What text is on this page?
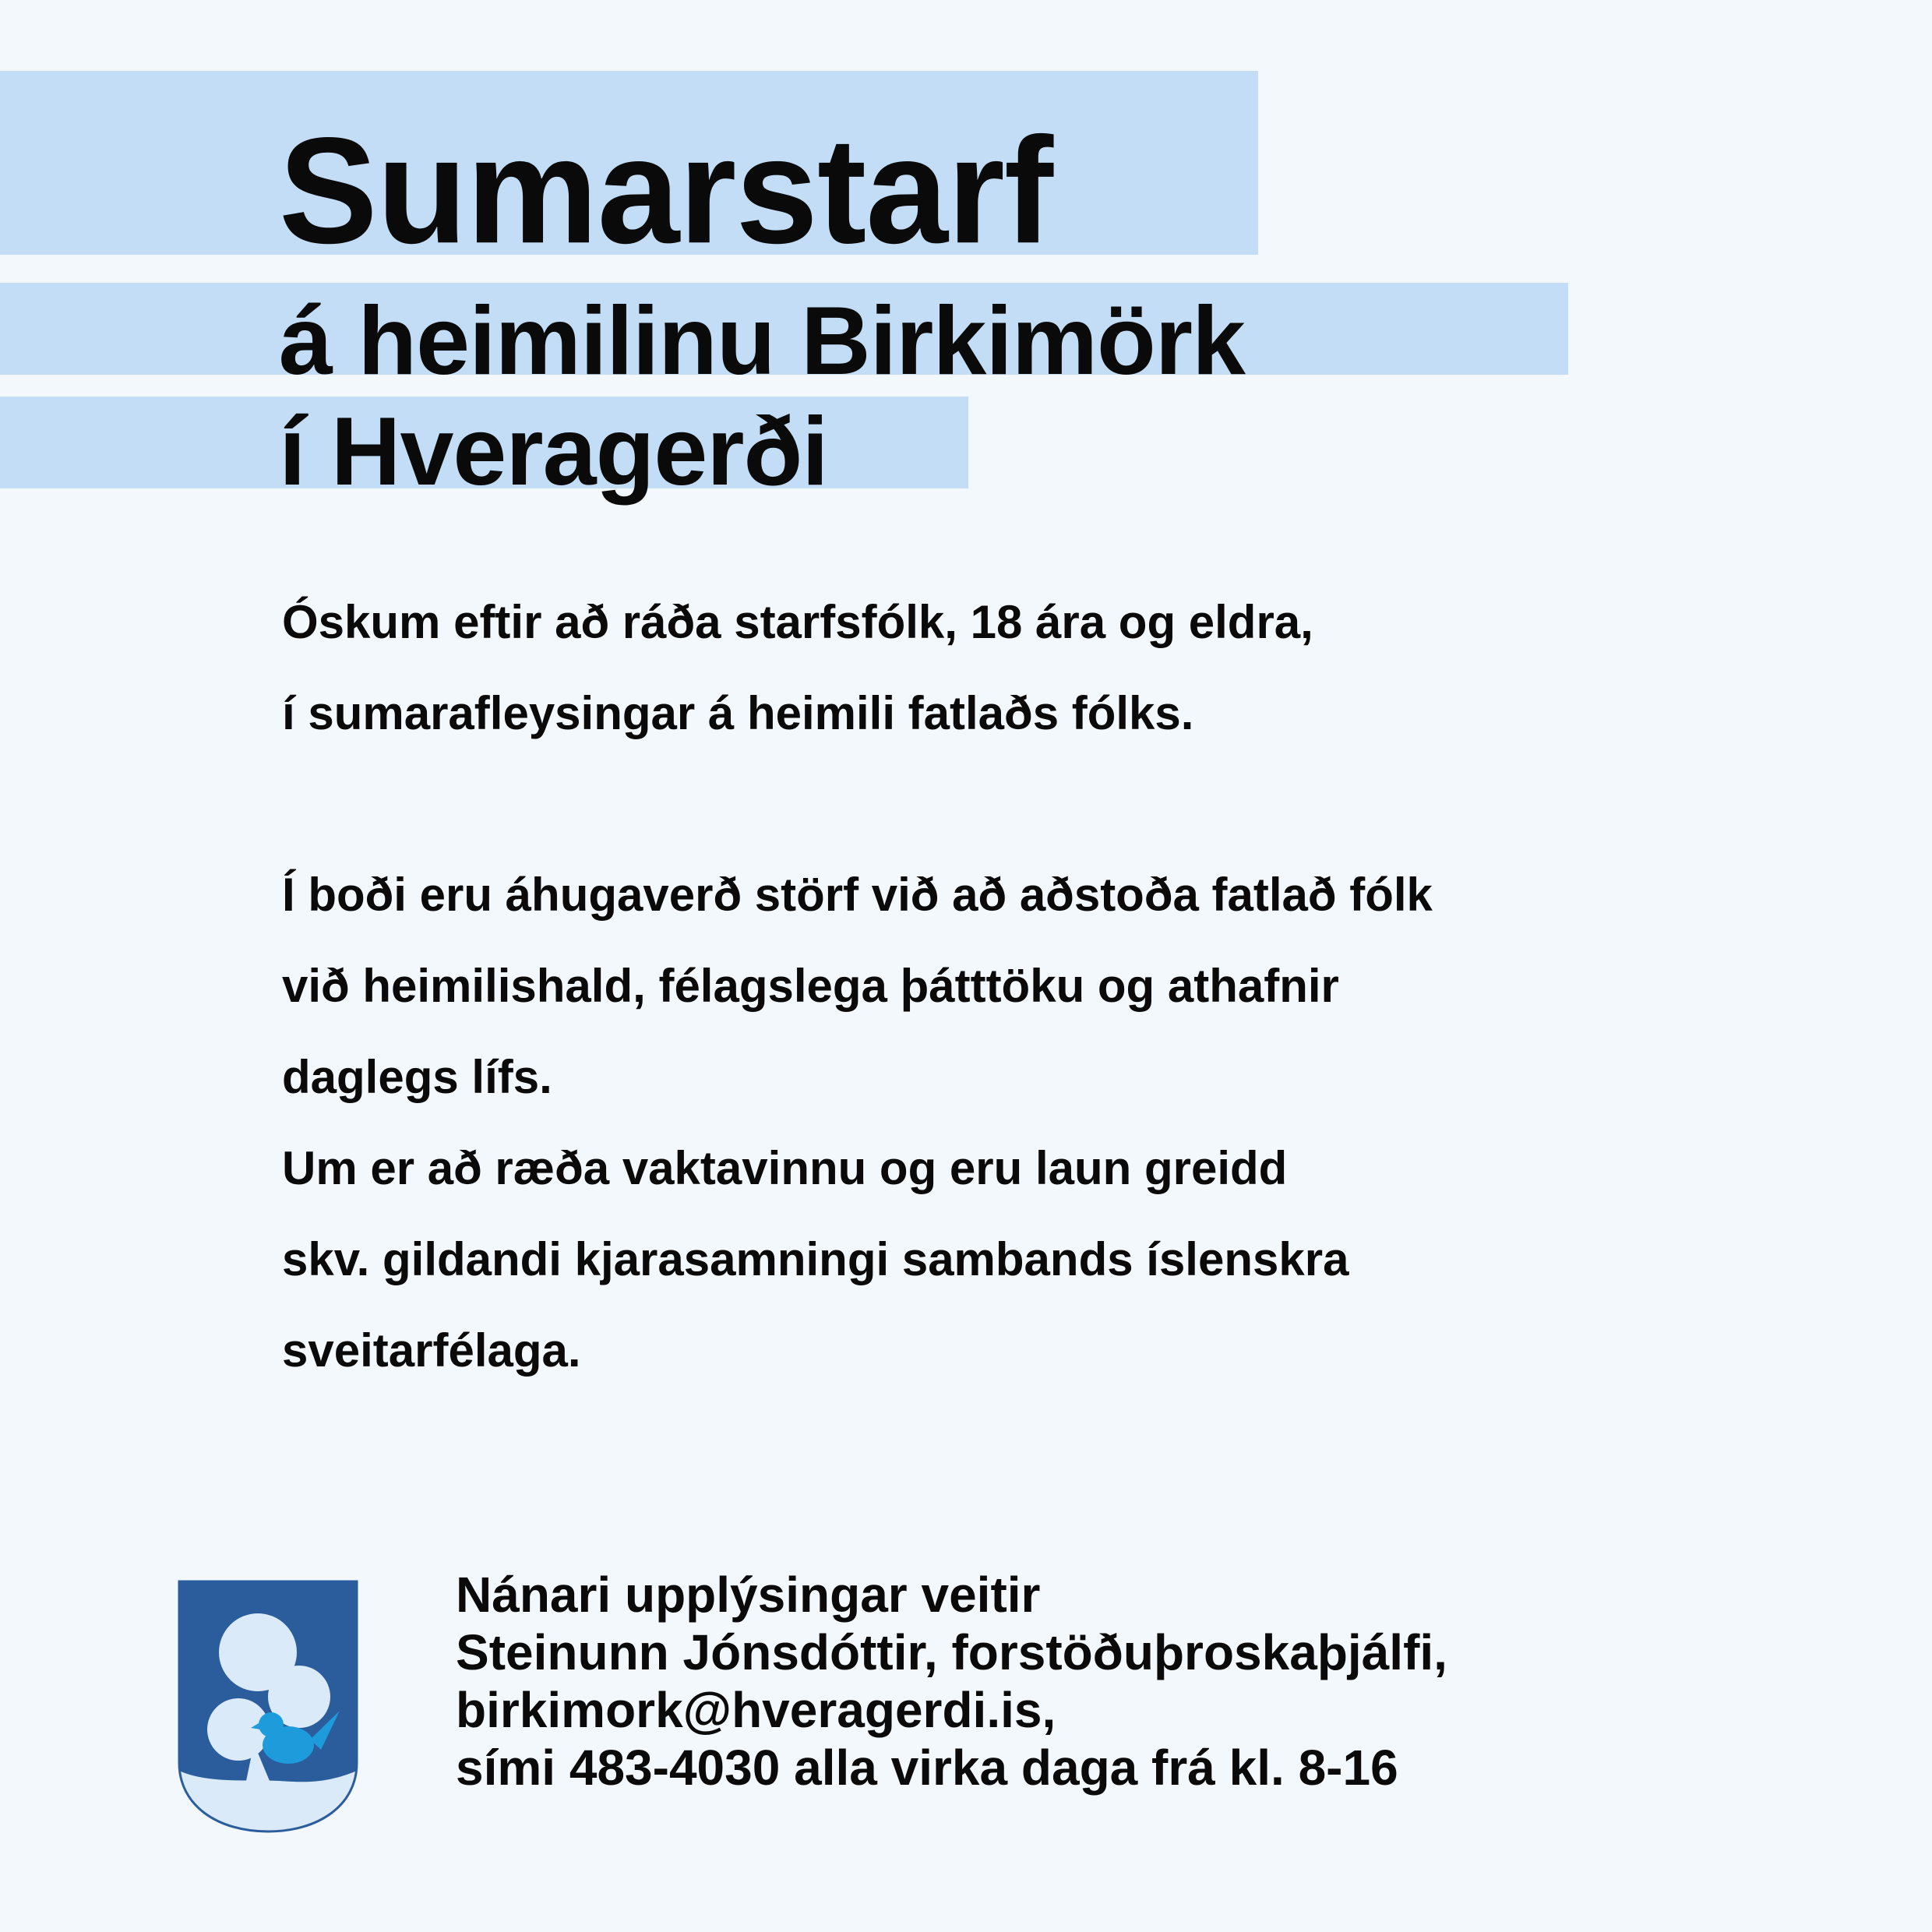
Sumarstarf
á heimilinu Birkimörk
í Hveragerði

Óskum eftir að ráða starfsfólk, 18 ára og eldra,
í sumarafleysingar á heimili fatlaðs fólks.

Í boði eru áhugaverð störf við að aðstoða fatlað fólk
við heimilishald, félagslega þátttöku og athafnir
daglegs lífs.
Um er að ræða vaktavinnu og eru laun greidd
skv. gildandi kjarasamningi sambands íslenskra
sveitarfélaga.

Nánari upplýsingar veitir
Steinunn Jónsdóttir, forstöðuþroskaþjálfi,
birkimork@hveragerdi.is,
sími 483-4030 alla virka daga frá kl. 8-16
